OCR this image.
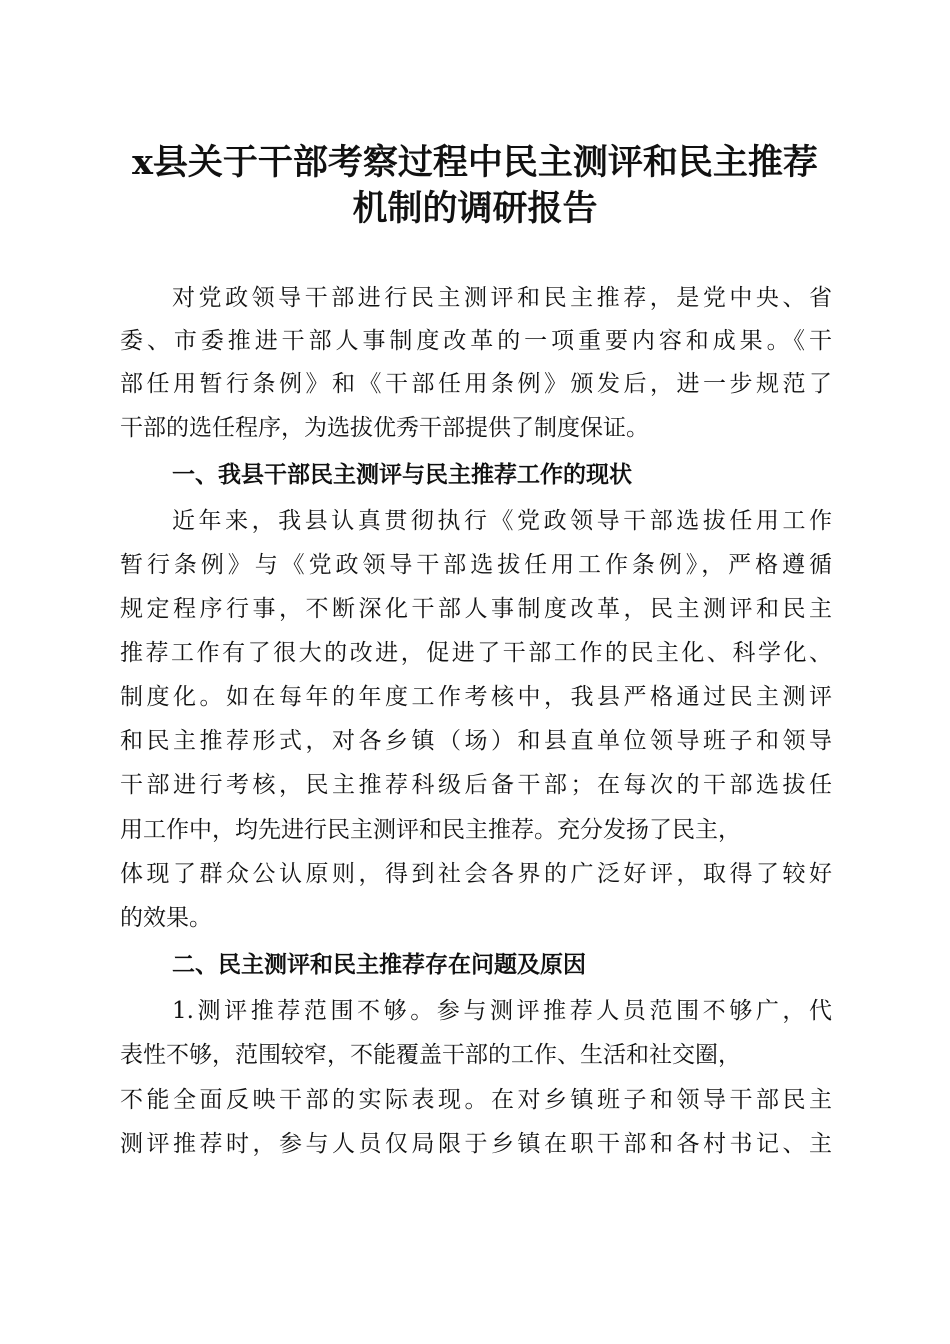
x县关于干部考察过程中民主测评和民主推荐
机制的调研报告
对党政领导干部进行民主测评和民主推荐，是党中央、省
委、市委推进干部人事制度改革的一项重要内容和成果。《干
部任用暂行条例》和《干部任用条例》颁发后，进一步规范了
干部的选任程序，为选拔优秀干部提供了制度保证。
一、我县干部民主测评与民主推荐工作的现状
近年来，我县认真贯彻执行《党政领导干部选拔任用工作
暂行条例》与《党政领导干部选拔任用工作条例》，严格遵循
规定程序行事，不断深化干部人事制度改革，民主测评和民主
推荐工作有了很大的改进，促进了干部工作的民主化、科学化、
制度化。如在每年的年度工作考核中，我县严格通过民主测评
和民主推荐形式，对各乡镇（场）和县直单位领导班子和领导
干部进行考核，民主推荐科级后备干部；在每次的干部选拔任
用工作中，均先进行民主测评和民主推荐。充分发扬了民主，
体现了群众公认原则，得到社会各界的广泛好评，取得了较好
的效果。
二、民主测评和民主推荐存在问题及原因
1.测评推荐范围不够。参与测评推荐人员范围不够广，代
表性不够，范围较窄，不能覆盖干部的工作、生活和社交圈，
不能全面反映干部的实际表现。在对乡镇班子和领导干部民主
测评推荐时，参与人员仅局限于乡镇在职干部和各村书记、主
